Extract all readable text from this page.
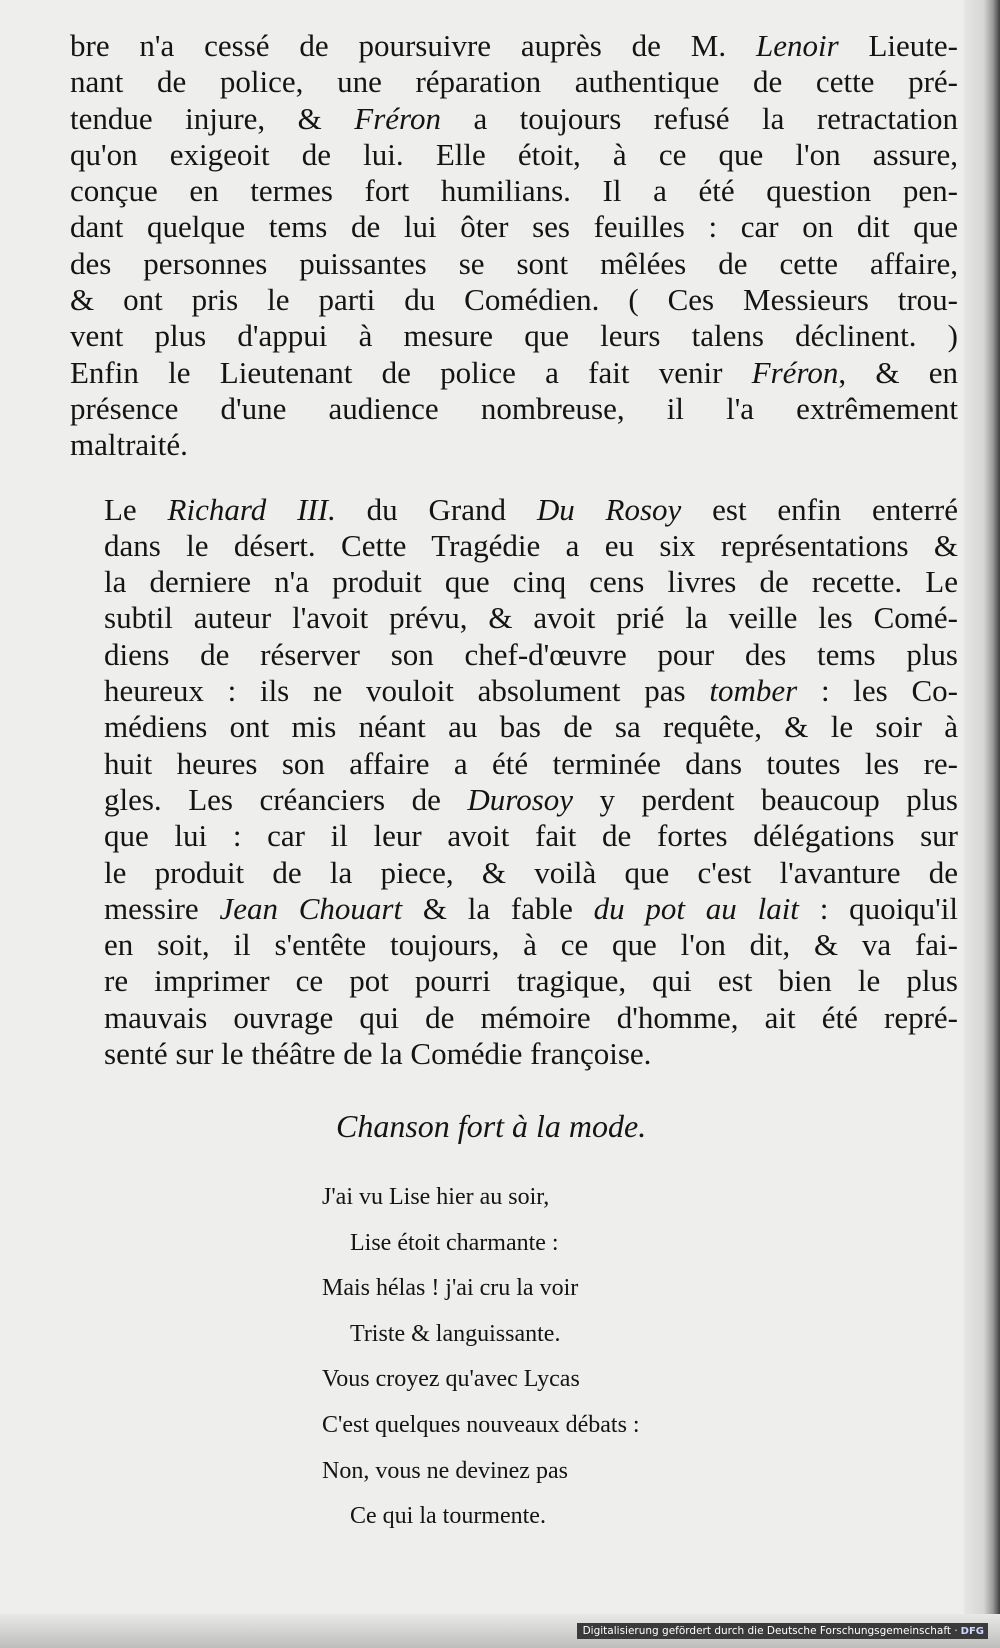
bre n'a cessé de poursuivre auprès de M. Lenoir Lieute-
nant de police, une réparation authentique de cette pré-
tendue injure, & Fréron a toujours refusé la retractation
qu'on exigeoit de lui. Elle étoit, à ce que l'on assure,
conçue en termes fort humilians. Il a été question pen-
dant quelque tems de lui ôter ses feuilles : car on dit que
des personnes puissantes se sont mêlées de cette affaire,
& ont pris le parti du Comédien. ( Ces Messieurs trou-
vent plus d'appui à mesure que leurs talens déclinent. )
Enfin le Lieutenant de police a fait venir Fréron, & en
présence d'une audience nombreuse, il l'a extrêmement
maltraité.
Le Richard III. du Grand Du Rosoy est enfin enterré
dans le désert. Cette Tragédie a eu six représentations &
la derniere n'a produit que cinq cens livres de recette. Le
subtil auteur l'avoit prévu, & avoit prié la veille les Comé-
diens de réserver son chef-d'œuvre pour des tems plus
heureux : ils ne vouloit absolument pas tomber : les Co-
médiens ont mis néant au bas de sa requête, & le soir à
huit heures son affaire a été terminée dans toutes les re-
gles. Les créanciers de Durosoy y perdent beaucoup plus
que lui : car il leur avoit fait de fortes délégations sur
le produit de la piece, & voilà que c'est l'avanture de
messire Jean Chouart & la fable du pot au lait : quoiqu'il
en soit, il s'entête toujours, à ce que l'on dit, & va fai-
re imprimer ce pot pourri tragique, qui est bien le plus
mauvais ouvrage qui de mémoire d'homme, ait été repré-
senté sur le théâtre de la Comédie françoise.
Chanson fort à la mode.
J'ai vu Lise hier au soir,
Lise étoit charmante :
Mais hélas ! j'ai cru la voir
Triste & languissante.
Vous croyez qu'avec Lycas
C'est quelques nouveaux débats :
Non, vous ne devinez pas
Ce qui la tourmente.
Digitalisierung gefördert durch die Deutsche Forschungsgemeinschaft · DFG
